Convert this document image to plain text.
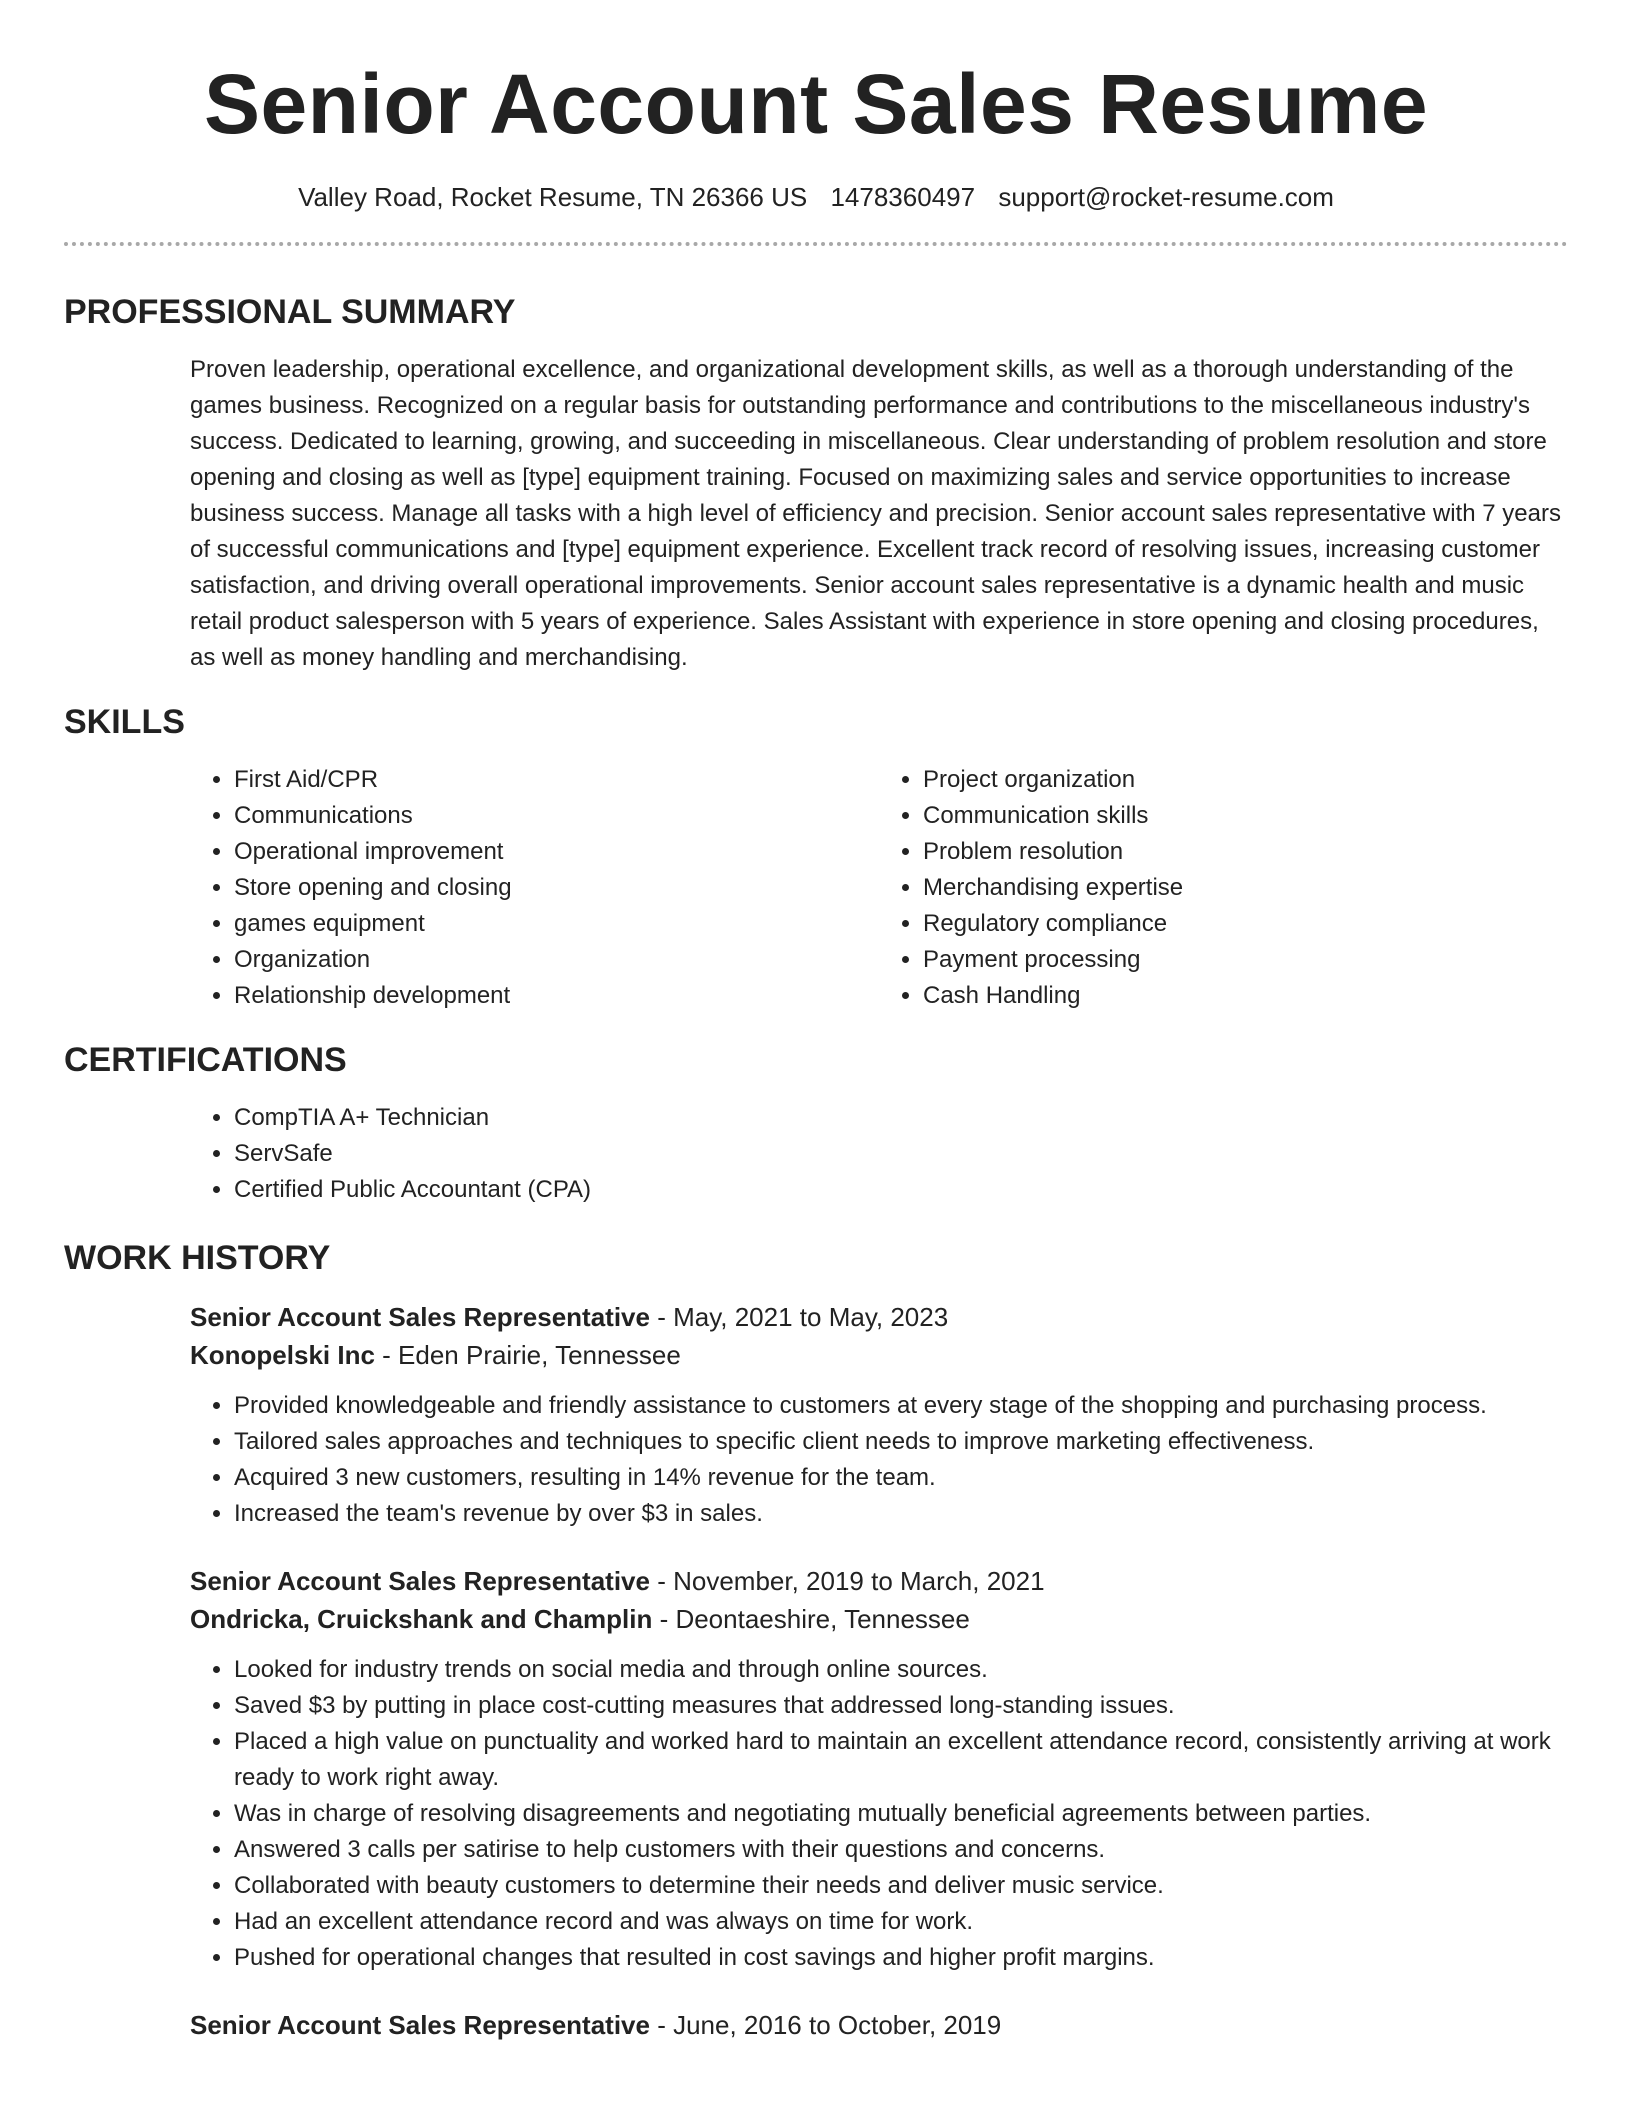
Senior Account Sales Resume
Valley Road, Rocket Resume, TN 26366 US 1478360497 support@rocket-resume.com
PROFESSIONAL SUMMARY

Proven leadership, operational excellence, and organizational development skills, as well as a thorough understanding of the games business. Recognized on a regular basis for outstanding performance and contributions to the miscellaneous industry's success. Dedicated to learning, growing, and succeeding in miscellaneous. Clear understanding of problem resolution and store opening and closing as well as [type] equipment training. Focused on maximizing sales and service opportunities to increase business success. Manage all tasks with a high level of efficiency and precision. Senior account sales representative with 7 years of successful communications and [type] equipment experience. Excellent track record of resolving issues, increasing customer satisfaction, and driving overall operational improvements. Senior account sales representative is a dynamic health and music retail product salesperson with 5 years of experience. Sales Assistant with experience in store opening and closing procedures, as well as money handling and merchandising.

SKILLS
• First Aid/CPR
• Communications
• Operational improvement
• Store opening and closing
• games equipment
• Organization
• Relationship development
• Project organization
• Communication skills
• Problem resolution
• Merchandising expertise
• Regulatory compliance
• Payment processing
• Cash Handling
CERTIFICATIONS
• CompTIA A+ Technician
• ServSafe
• Certified Public Accountant (CPA)
WORK HISTORY
Senior Account Sales Representative - May, 2021 to May, 2023
Konopelski Inc - Eden Prairie, Tennessee
• Provided knowledgeable and friendly assistance to customers at every stage of the shopping and purchasing process.
• Tailored sales approaches and techniques to specific client needs to improve marketing effectiveness.
• Acquired 3 new customers, resulting in 14% revenue for the team.
• Increased the team's revenue by over $3 in sales.
Senior Account Sales Representative - November, 2019 to March, 2021
Ondricka, Cruickshank and Champlin - Deontaeshire, Tennessee
• Looked for industry trends on social media and through online sources.
• Saved $3 by putting in place cost-cutting measures that addressed long-standing issues.
• Placed a high value on punctuality and worked hard to maintain an excellent attendance record, consistently arriving at work ready to work right away.
• Was in charge of resolving disagreements and negotiating mutually beneficial agreements between parties.
• Answered 3 calls per satirise to help customers with their questions and concerns.
• Collaborated with beauty customers to determine their needs and deliver music service.
• Had an excellent attendance record and was always on time for work.
• Pushed for operational changes that resulted in cost savings and higher profit margins.
Senior Account Sales Representative - June, 2016 to October, 2019
